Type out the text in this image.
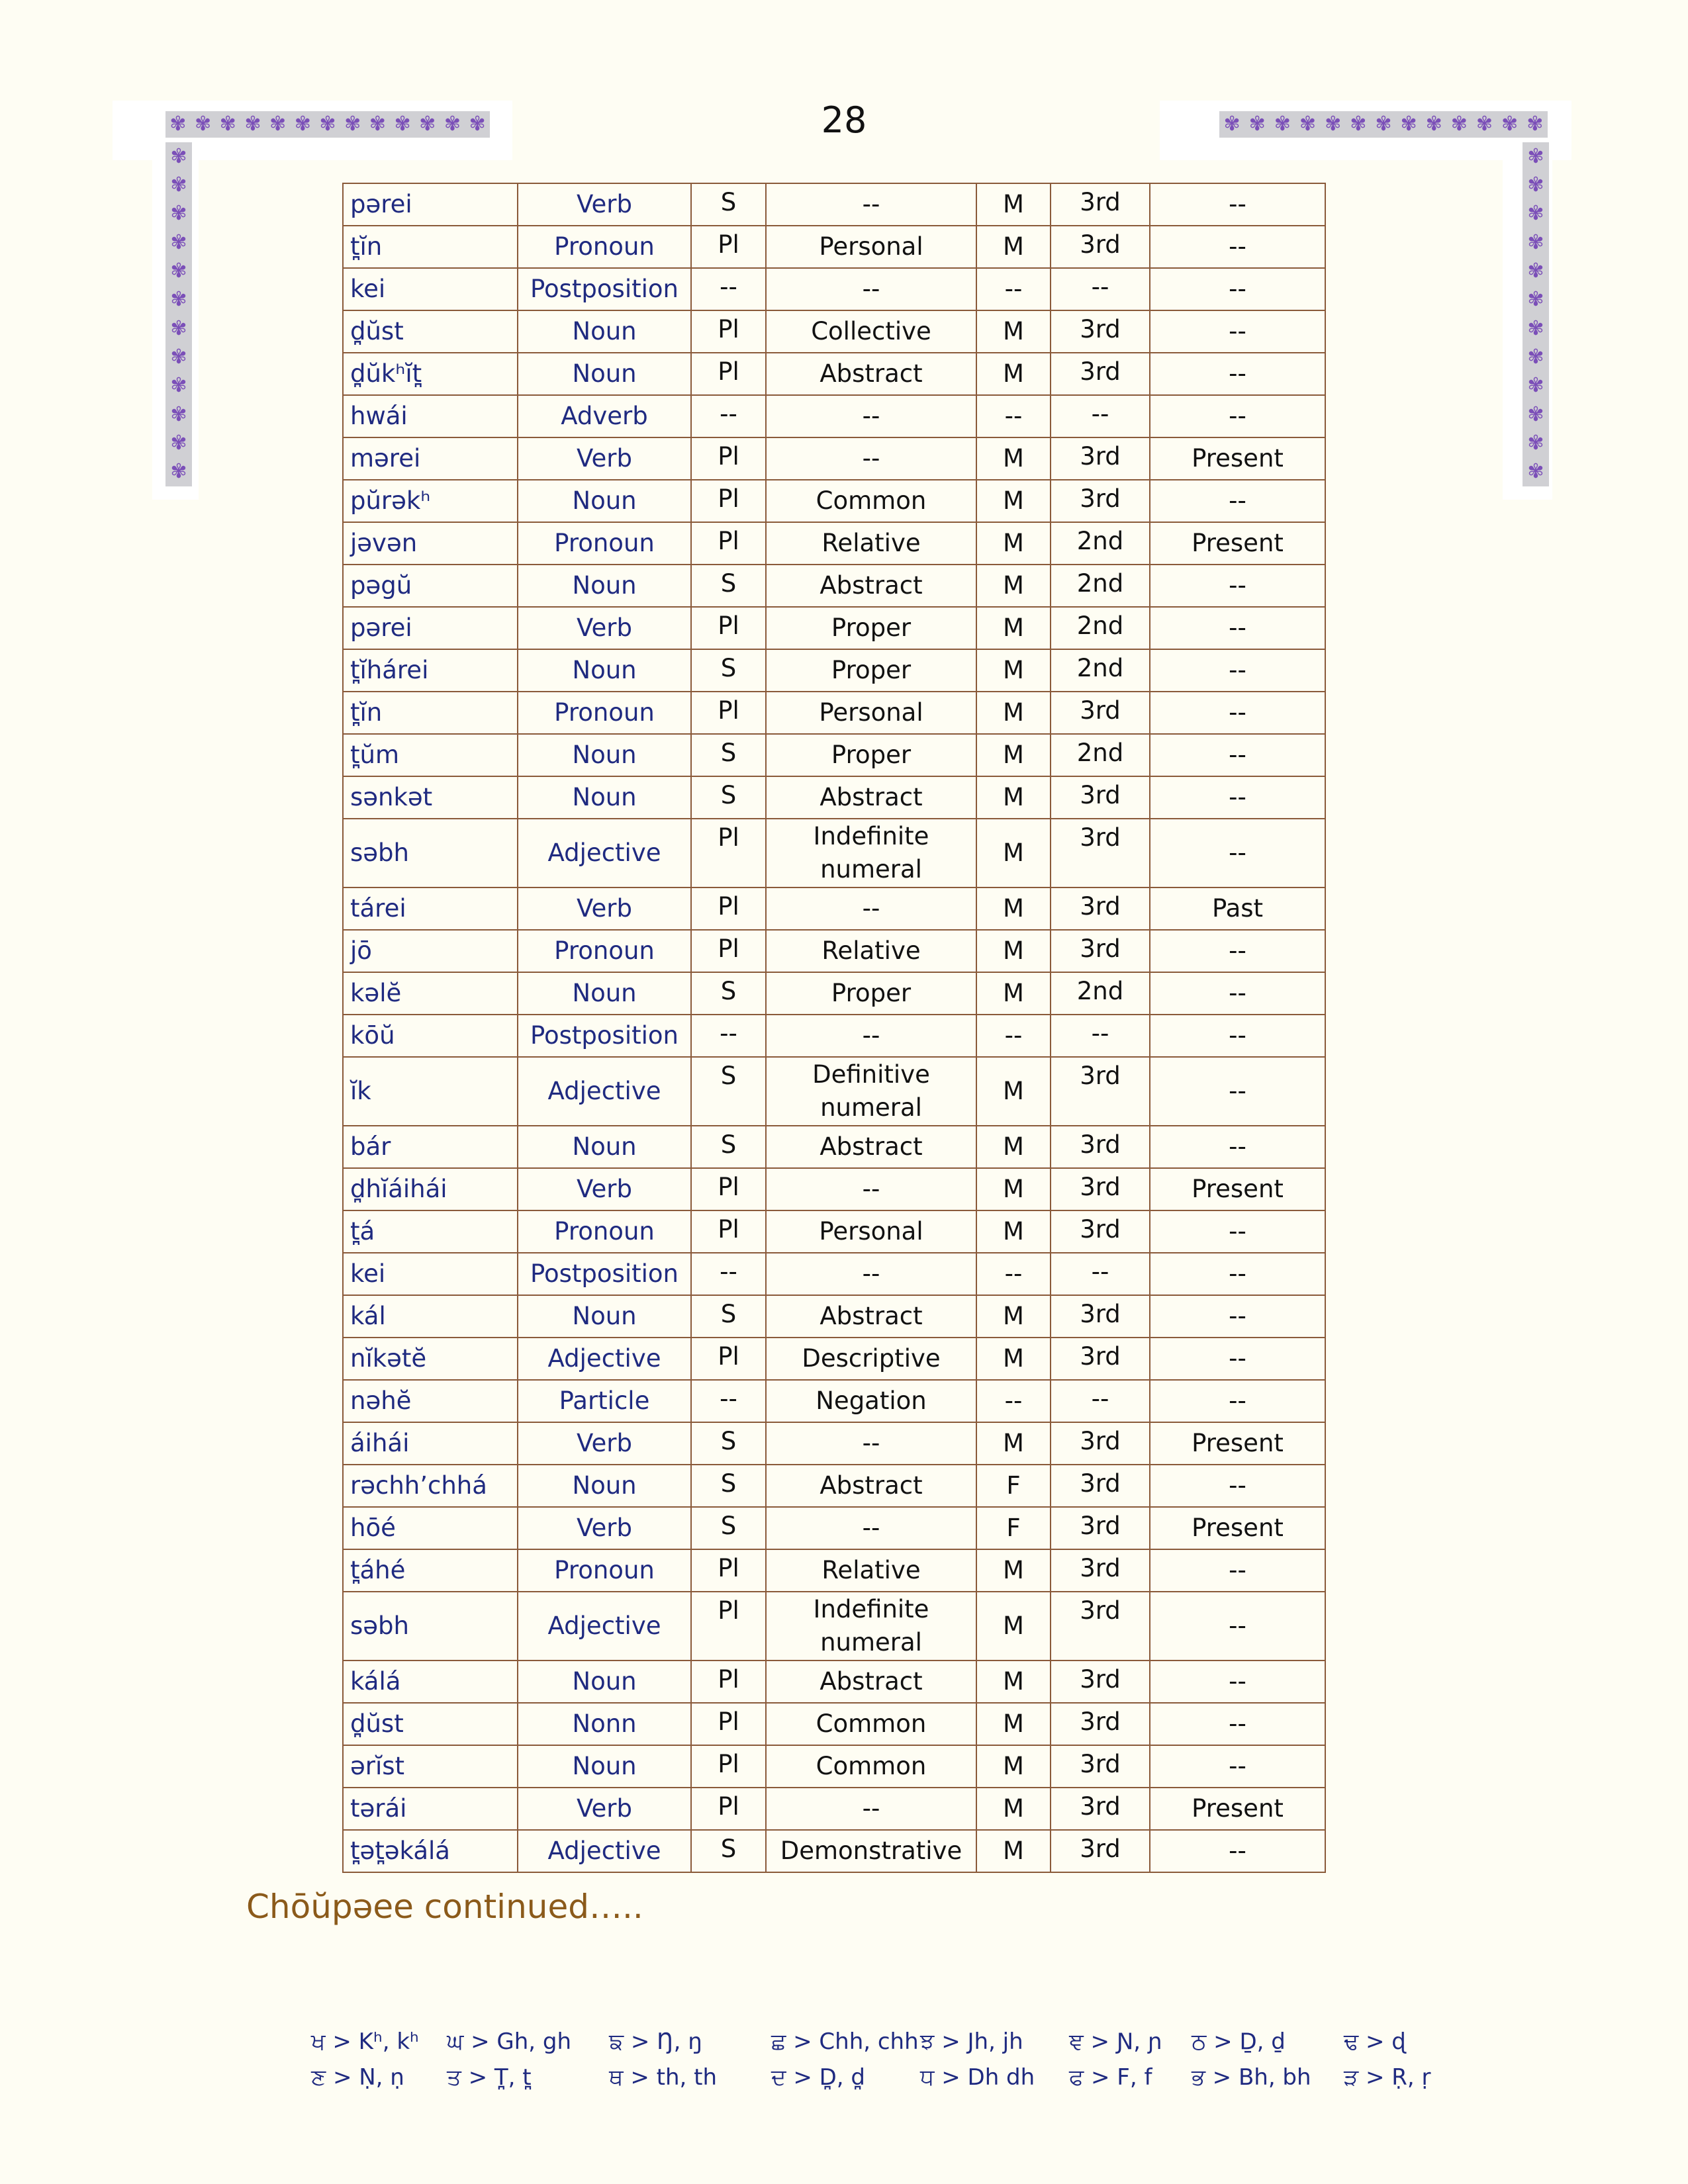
✾ ✾ ✾ ✾ ✾ ✾ ✾ ✾ ✾ ✾ ✾ ✾ ✾
✾
✾
✾
✾
✾
✾
✾
✾
✾
✾
✾
✾
✾ ✾ ✾ ✾ ✾ ✾ ✾ ✾ ✾ ✾ ✾ ✾ ✾
✾
✾
✾
✾
✾
✾
✾
✾
✾
✾
✾
✾
28
pərei	Verb	S	--	M	3rd	--
t̪ĭn	Pronoun	Pl	Personal	M	3rd	--
kei	Postposition	--	--	--	--	--
d̪ŭst	Noun	Pl	Collective	M	3rd	--
d̪ŭkʰĭt̪	Noun	Pl	Abstract	M	3rd	--
hwái	Adverb	--	--	--	--	--
mərei	Verb	Pl	--	M	3rd	Present
pŭrəkʰ	Noun	Pl	Common	M	3rd	--
jəvən	Pronoun	Pl	Relative	M	2nd	Present
pəgŭ	Noun	S	Abstract	M	2nd	--
pərei	Verb	Pl	Proper	M	2nd	--
t̪ĭhárei	Noun	S	Proper	M	2nd	--
t̪ĭn	Pronoun	Pl	Personal	M	3rd	--
t̪ŭm	Noun	S	Proper	M	2nd	--
sənkət	Noun	S	Abstract	M	3rd	--
səbh	Adjective	Pl	Indefinite numeral	M	3rd	--
tárei	Verb	Pl	--	M	3rd	Past
jō	Pronoun	Pl	Relative	M	3rd	--
kəlĕ	Noun	S	Proper	M	2nd	--
kōŭ	Postposition	--	--	--	--	--
ĭk	Adjective	S	Definitive numeral	M	3rd	--
bár	Noun	S	Abstract	M	3rd	--
d̪hĭáihái	Verb	Pl	--	M	3rd	Present
t̪á	Pronoun	Pl	Personal	M	3rd	--
kei	Postposition	--	--	--	--	--
kál	Noun	S	Abstract	M	3rd	--
nĭkətĕ	Adjective	Pl	Descriptive	M	3rd	--
nəhĕ	Particle	--	Negation	--	--	--
áihái	Verb	S	--	M	3rd	Present
rəchh’chhá	Noun	S	Abstract	F	3rd	--
hōé	Verb	S	--	F	3rd	Present
t̪áhé	Pronoun	Pl	Relative	M	3rd	--
səbh	Adjective	Pl	Indefinite numeral	M	3rd	--
kálá	Noun	Pl	Abstract	M	3rd	--
d̪ŭst	Nonn	Pl	Common	M	3rd	--
ərĭst	Noun	Pl	Common	M	3rd	--
tərái	Verb	Pl	--	M	3rd	Present
t̪ət̪əkálá	Adjective	S	Demonstrative	M	3rd	--
Chōŭpəee continued…..
ਖ > Kʰ, kʰ	ਘ > Gh, gh	ਙ > Ŋ, ŋ	ਛ > Chh, chh ਝ > Jh, jh	ਞ > Ɲ, ɲ	ਠ > Ḏ, ḏ	ਢ > ɖ
ਣ > Ṇ, ṇ	ਤ > T̪, t̪	ਥ > th, th	ਦ > D̪, d̪	ਧ > Dh dh	ਫ > F, f	ਭ > Bh, bh	ੜ > Ṛ, ṛ
